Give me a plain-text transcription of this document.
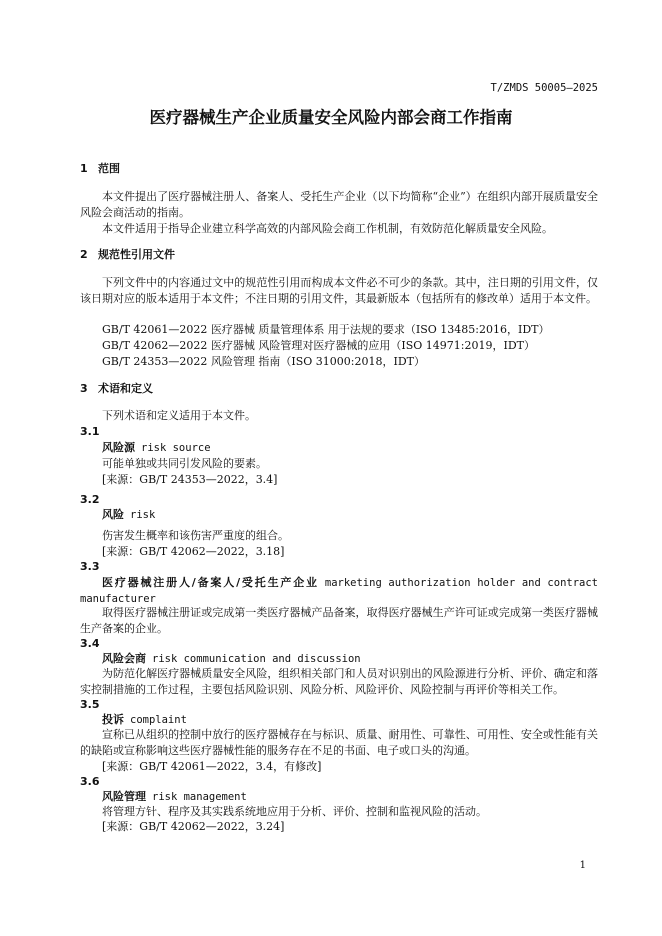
T/ZMDS 50005—2025
医疗器械生产企业质量安全风险内部会商工作指南
1 范围
本文件提出了医疗器械注册人、备案人、受托生产企业（以下均简称“企业”）在组织内部开展质量安全风险会商活动的指南。
本文件适用于指导企业建立科学高效的内部风险会商工作机制，有效防范化解质量安全风险。
2 规范性引用文件
下列文件中的内容通过文中的规范性引用而构成本文件必不可少的条款。其中，注日期的引用文件，仅该日期对应的版本适用于本文件；不注日期的引用文件，其最新版本（包括所有的修改单）适用于本文件。
GB/T 42061—2022 医疗器械 质量管理体系 用于法规的要求（ISO 13485:2016，IDT）
GB/T 42062—2022 医疗器械 风险管理对医疗器械的应用（ISO 14971:2019，IDT）
GB/T 24353—2022 风险管理 指南（ISO 31000:2018，IDT）
3 术语和定义
下列术语和定义适用于本文件。
3.1
风险源 risk source
可能单独或共同引发风险的要素。
[来源：GB/T 24353—2022，3.4]
3.2
风险 risk
伤害发生概率和该伤害严重度的组合。
[来源：GB/T 42062—2022，3.18]
3.3
医疗器械注册人/备案人/受托生产企业 marketing authorization holder and contract manufacturer
取得医疗器械注册证或完成第一类医疗器械产品备案，取得医疗器械生产许可证或完成第一类医疗器械生产备案的企业。
3.4
风险会商 risk communication and discussion
为防范化解医疗器械质量安全风险，组织相关部门和人员对识别出的风险源进行分析、评价、确定和落实控制措施的工作过程，主要包括风险识别、风险分析、风险评价、风险控制与再评价等相关工作。
3.5
投诉 complaint
宣称已从组织的控制中放行的医疗器械存在与标识、质量、耐用性、可靠性、可用性、安全或性能有关的缺陷或宣称影响这些医疗器械性能的服务存在不足的书面、电子或口头的沟通。
[来源：GB/T 42061—2022，3.4，有修改]
3.6
风险管理 risk management
将管理方针、程序及其实践系统地应用于分析、评价、控制和监视风险的活动。
[来源：GB/T 42062—2022，3.24]
1
